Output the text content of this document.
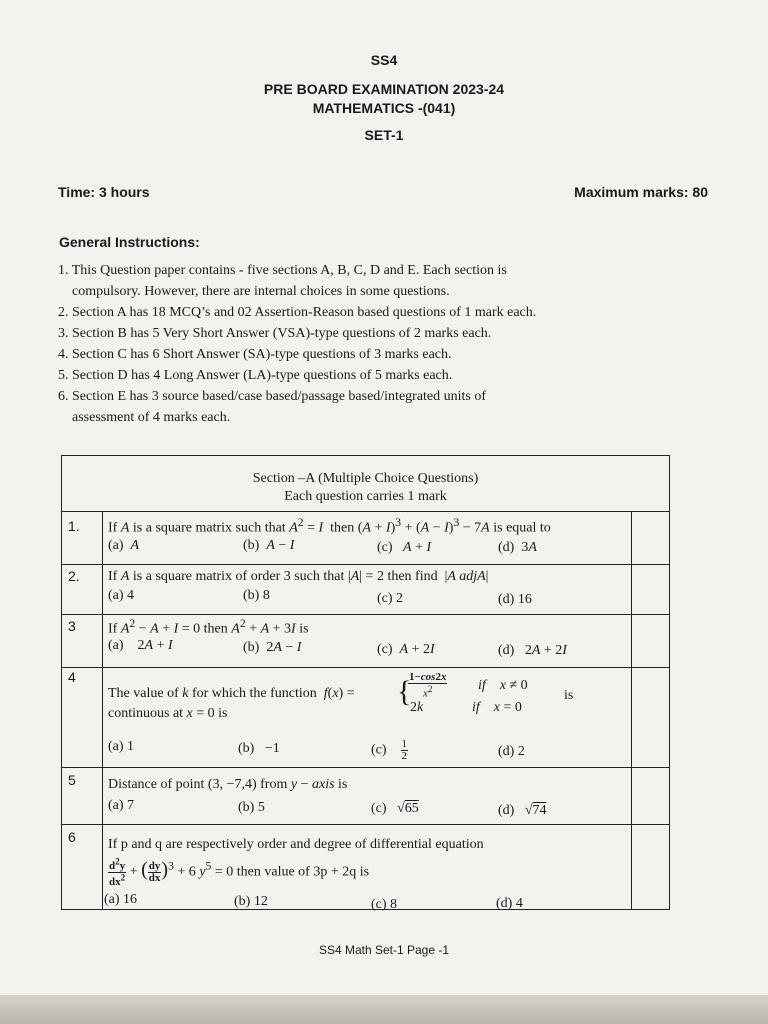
SS4
PRE BOARD EXAMINATION 2023-24
MATHEMATICS -(041)
SET-1
Time: 3 hours	Maximum marks: 80
General Instructions:
1. This Question paper contains - five sections A, B, C, D and E. Each section is
compulsory. However, there are internal choices in some questions.
2. Section A has 18 MCQ’s and 02 Assertion-Reason based questions of 1 mark each.
3. Section B has 5 Very Short Answer (VSA)-type questions of 2 marks each.
4. Section C has 6 Short Answer (SA)-type questions of 3 marks each.
5. Section D has 4 Long Answer (LA)-type questions of 5 marks each.
6. Section E has 3 source based/case based/passage based/integrated units of
assessment of 4 marks each.
Section –A (Multiple Choice Questions)
Each question carries 1 mark
1. If A is a square matrix such that $A^2 = I$  then $(A + I)^3 + (A - I)^3 - 7A$ is equal to
(a) A	(b) A − I	(c) A + I	(d)  3A
2. If A is a square matrix of order 3 such that |A| = 2 then find  |A adjA|
(a) 4	(b) 8	(c) 2	(d) 16
3 If $A^2 - A + I = 0$ then $A^2 + A + 3I$ is
(a)    2A + I	(b)  2A − I	(c) A + 2I	(d)   2A + 2I
4
The value of k for which the function f(x) = {
$\frac{1-\cos 2x}{x^2}$ if x ≠ 0
2k	if x = 0
is
continuous at x = 0 is
(a) 1	(b)   −1	$(c) \frac{1}{2}$	(d) 2
5 Distance of point (3, −7,4) from y − axis is
(a) 7	(b) 5	(c)   √65	(d)   √74
6 If p and q are respectively order and degree of differential equation
$\frac{d^2y}{dx^2}$ + ( $\frac{dy}{dx} )^3 + 6$ $y^5 = 0$ then value of 3p + 2q is
(a) 16	(b) 12	(c) 8	(d) 4
SS4 Math Set-1 Page -1
